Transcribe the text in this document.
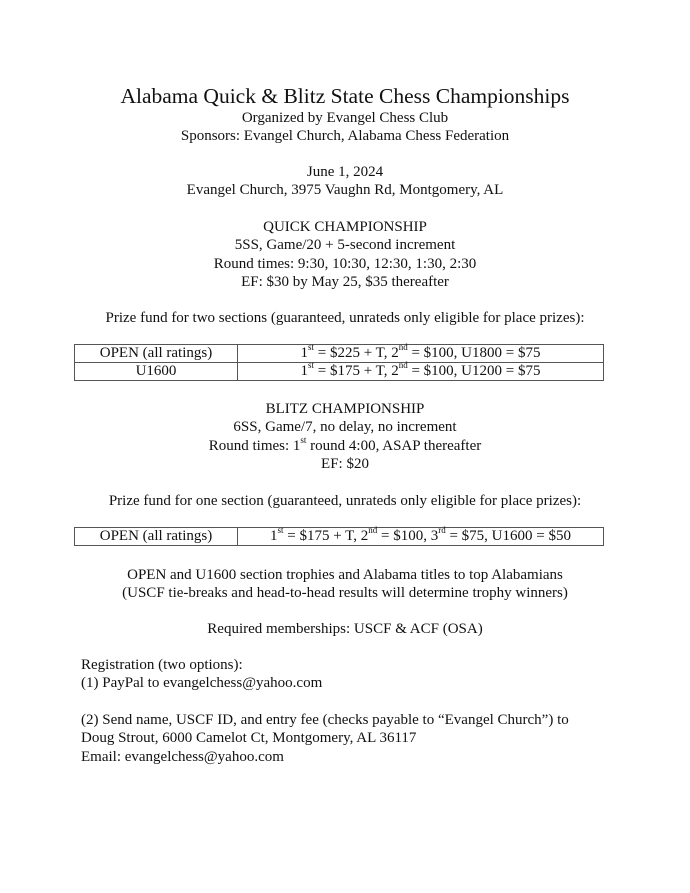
Alabama Quick & Blitz State Chess Championships
Organized by Evangel Chess Club
Sponsors: Evangel Church, Alabama Chess Federation
June 1, 2024
Evangel Church, 3975 Vaughn Rd, Montgomery, AL
QUICK CHAMPIONSHIP
5SS, Game/20 + 5-second increment
Round times: 9:30, 10:30, 12:30, 1:30, 2:30
EF: $30 by May 25, $35 thereafter
Prize fund for two sections (guaranteed, unrateds only eligible for place prizes):
OPEN (all ratings)	1st = $225 + T, 2nd = $100, U1800 = $75
U1600	1st = $175 + T, 2nd = $100, U1200 = $75
BLITZ CHAMPIONSHIP
6SS, Game/7, no delay, no increment
Round times: 1st round 4:00, ASAP thereafter
EF: $20
Prize fund for one section (guaranteed, unrateds only eligible for place prizes):
OPEN (all ratings)	1st = $175 + T, 2nd = $100, 3rd = $75, U1600 = $50
OPEN and U1600 section trophies and Alabama titles to top Alabamians
(USCF tie-breaks and head-to-head results will determine trophy winners)
Required memberships: USCF & ACF (OSA)
Registration (two options):
(1) PayPal to evangelchess@yahoo.com
(2) Send name, USCF ID, and entry fee (checks payable to “Evangel Church”) to
Doug Strout, 6000 Camelot Ct, Montgomery, AL 36117
Email: evangelchess@yahoo.com
